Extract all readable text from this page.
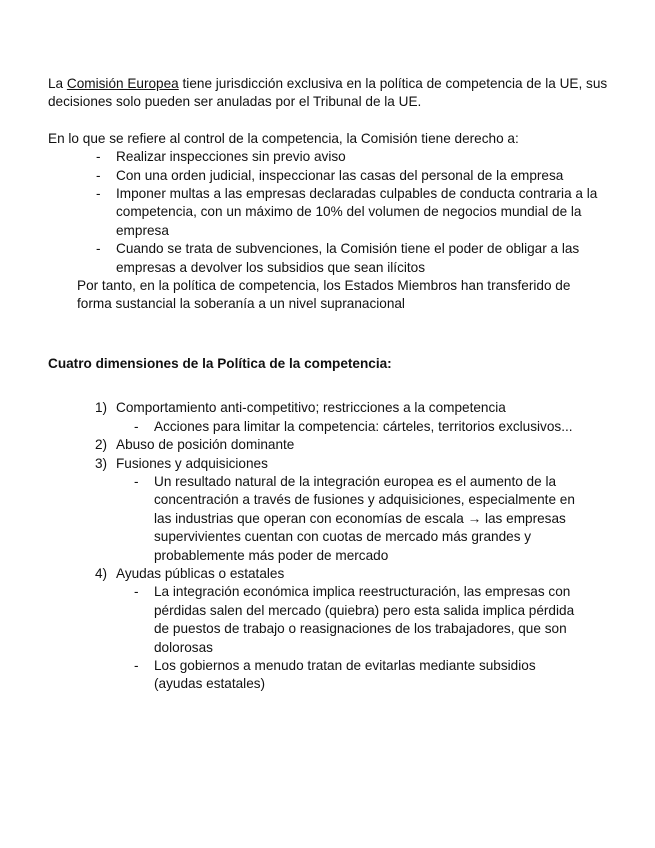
La Comisión Europea tiene jurisdicción exclusiva en la política de competencia de la UE, sus decisiones solo pueden ser anuladas por el Tribunal de la UE.

En lo que se refiere al control de la competencia, la Comisión tiene derecho a:

- Realizar inspecciones sin previo aviso
- Con una orden judicial, inspeccionar las casas del personal de la empresa
- Imponer multas a las empresas declaradas culpables de conducta contraria a la competencia, con un máximo de 10% del volumen de negocios mundial de la empresa
- Cuando se trata de subvenciones, la Comisión tiene el poder de obligar a las empresas a devolver los subsidios que sean ilícitos

Por tanto, en la política de competencia, los Estados Miembros han transferido de forma sustancial la soberanía a un nivel supranacional

Cuatro dimensiones de la Política de la competencia:
1) Comportamiento anti-competitivo; restricciones a la competencia
- Acciones para limitar la competencia: cárteles, territorios exclusivos...
2) Abuso de posición dominante
3) Fusiones y adquisiciones
- Un resultado natural de la integración europea es el aumento de la concentración a través de fusiones y adquisiciones, especialmente en las industrias que operan con economías de escala → las empresas supervivientes cuentan con cuotas de mercado más grandes y probablemente más poder de mercado
4) Ayudas públicas o estatales
- La integración económica implica reestructuración, las empresas con pérdidas salen del mercado (quiebra) pero esta salida implica pérdida de puestos de trabajo o reasignaciones de los trabajadores, que son dolorosas
- Los gobiernos a menudo tratan de evitarlas mediante subsidios (ayudas estatales)
